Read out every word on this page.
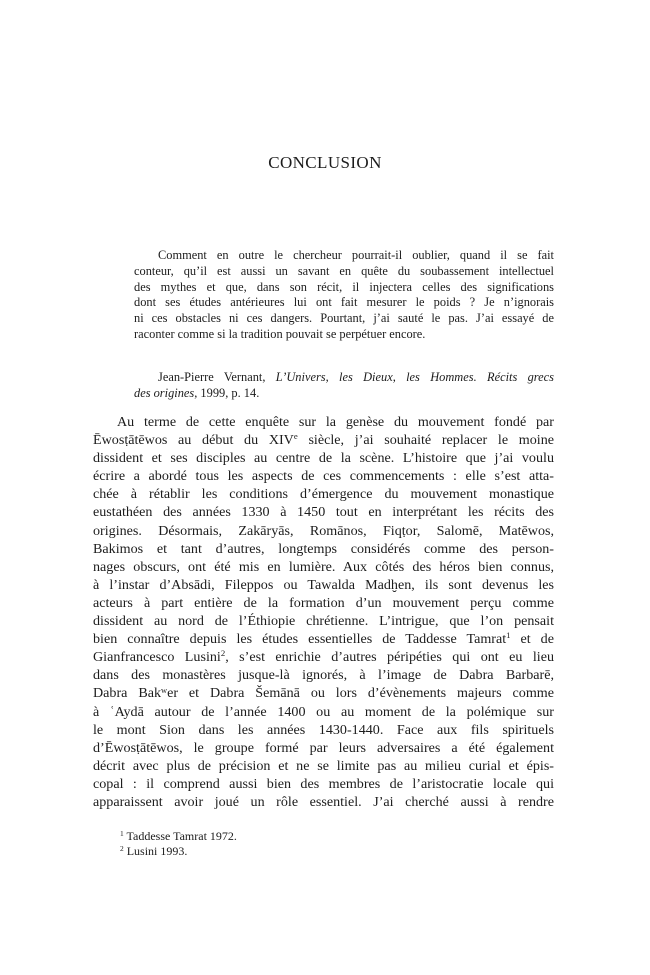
CONCLUSION
Comment en outre le chercheur pourrait-il oublier, quand il se fait
conteur, qu’il est aussi un savant en quête du soubassement intellectuel
des mythes et que, dans son récit, il injectera celles des significations
dont ses études antérieures lui ont fait mesurer le poids ? Je n’ignorais
ni ces obstacles ni ces dangers. Pourtant, j’ai sauté le pas. J’ai essayé de
raconter comme si la tradition pouvait se perpétuer encore.
Jean-Pierre Vernant, L’Univers, les Dieux, les Hommes. Récits grecs
des origines, 1999, p. 14.
Au terme de cette enquête sur la genèse du mouvement fondé par
Ēwosṭātēwos au début du XIVe siècle, j’ai souhaité replacer le moine
dissident et ses disciples au centre de la scène. L’histoire que j’ai voulu
écrire a abordé tous les aspects de ces commencements : elle s’est atta-
chée à rétablir les conditions d’émergence du mouvement monastique
eustathéen des années 1330 à 1450 tout en interprétant les récits des
origines. Désormais, Zakāryās, Romānos, Fiqṭor, Salomē, Matēwos,
Bakimos et tant d’autres, longtemps considérés comme des person-
nages obscurs, ont été mis en lumière. Aux côtés des héros bien connus,
à l’instar d’Absādi, Fileppos ou Tawalda Madḫen, ils sont devenus les
acteurs à part entière de la formation d’un mouvement perçu comme
dissident au nord de l’Éthiopie chrétienne. L’intrigue, que l’on pensait
bien connaître depuis les études essentielles de Taddesse Tamrat$^1$ et de
Gianfrancesco Lusini$^2$, s’est enrichie d’autres péripéties qui ont eu lieu
dans des monastères jusque-là ignorés, à l’image de Dabra Barbarē,
Dabra Bakʷer et Dabra Šemānā ou lors d’évènements majeurs comme
à ʿAydā autour de l’année 1400 ou au moment de la polémique sur
le mont Sion dans les années 1430-1440. Face aux fils spirituels
d’Ēwosṭātēwos, le groupe formé par leurs adversaires a été également
décrit avec plus de précision et ne se limite pas au milieu curial et épis-
copal : il comprend aussi bien des membres de l’aristocratie locale qui
apparaissent avoir joué un rôle essentiel. J’ai cherché aussi à rendre
$^1$ Taddesse Tamrat 1972.
$^2$ Lusini 1993.
